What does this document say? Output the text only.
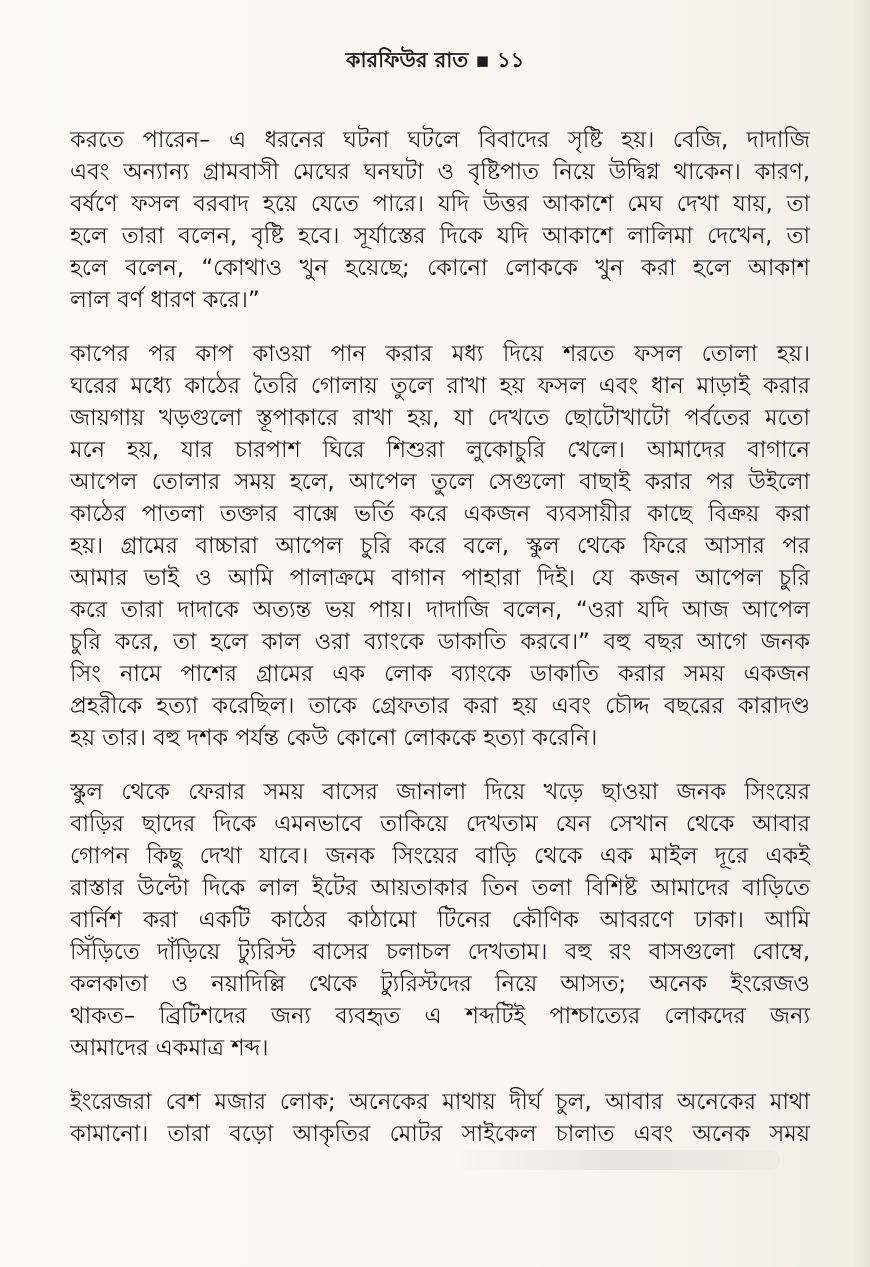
কারফিউর রাত ▪ ১১

করতে পারেন– এ ধরনের ঘটনা ঘটলে বিবাদের সৃষ্টি হয়। বেজি, দাদাজি
এবং অন্যান্য গ্রামবাসী মেঘের ঘনঘটা ও বৃষ্টিপাত নিয়ে উদ্বিগ্ন থাকেন। কারণ,
বর্ষণে ফসল বরবাদ হয়ে যেতে পারে। যদি উত্তর আকাশে মেঘ দেখা যায়, তা
হলে তারা বলেন, বৃষ্টি হবে। সূর্যাস্তের দিকে যদি আকাশে লালিমা দেখেন, তা
হলে বলেন, “কোথাও খুন হয়েছে; কোনো লোককে খুন করা হলে আকাশ
লাল বর্ণ ধারণ করে।”

কাপের পর কাপ কাওয়া পান করার মধ্য দিয়ে শরতে ফসল তোলা হয়।
ঘরের মধ্যে কাঠের তৈরি গোলায় তুলে রাখা হয় ফসল এবং ধান মাড়াই করার
জায়গায় খড়গুলো স্তূপাকারে রাখা হয়, যা দেখতে ছোটোখাটো পর্বতের মতো
মনে হয়, যার চারপাশ ঘিরে শিশুরা লুকোচুরি খেলে। আমাদের বাগানে
আপেল তোলার সময় হলে, আপেল তুলে সেগুলো বাছাই করার পর উইলো
কাঠের পাতলা তক্তার বাক্সে ভর্তি করে একজন ব্যবসায়ীর কাছে বিক্রয় করা
হয়। গ্রামের বাচ্চারা আপেল চুরি করে বলে, স্কুল থেকে ফিরে আসার পর
আমার ভাই ও আমি পালাক্রমে বাগান পাহারা দিই। যে কজন আপেল চুরি
করে তারা দাদাকে অত্যন্ত ভয় পায়। দাদাজি বলেন, “ওরা যদি আজ আপেল
চুরি করে, তা হলে কাল ওরা ব্যাংকে ডাকাতি করবে।” বহু বছর আগে জনক
সিং নামে পাশের গ্রামের এক লোক ব্যাংকে ডাকাতি করার সময় একজন
প্রহরীকে হত্যা করেছিল। তাকে গ্রেফতার করা হয় এবং চৌদ্দ বছরের কারাদণ্ড
হয় তার। বহু দশক পর্যন্ত কেউ কোনো লোককে হত্যা করেনি।

স্কুল থেকে ফেরার সময় বাসের জানালা দিয়ে খড়ে ছাওয়া জনক সিংয়ের
বাড়ির ছাদের দিকে এমনভাবে তাকিয়ে দেখতাম যেন সেখান থেকে আবার
গোপন কিছু দেখা যাবে। জনক সিংয়ের বাড়ি থেকে এক মাইল দূরে একই
রাস্তার উল্টো দিকে লাল ইটের আয়তাকার তিন তলা বিশিষ্ট আমাদের বাড়িতে
বার্নিশ করা একটি কাঠের কাঠামো টিনের কৌণিক আবরণে ঢাকা। আমি
সিঁড়িতে দাঁড়িয়ে ট্যুরিস্ট বাসের চলাচল দেখতাম। বহু রং বাসগুলো বোম্বে,
কলকাতা ও নয়াদিল্লি থেকে ট্যুরিস্টদের নিয়ে আসত; অনেক ইংরেজও
থাকত– ব্রিটিশদের জন্য ব্যবহৃত এ শব্দটিই পাশ্চাত্যের লোকদের জন্য
আমাদের একমাত্র শব্দ।

ইংরেজরা বেশ মজার লোক; অনেকের মাথায় দীর্ঘ চুল, আবার অনেকের মাথা
কামানো। তারা বড়ো আকৃতির মোটর সাইকেল চালাত এবং অনেক সময়
